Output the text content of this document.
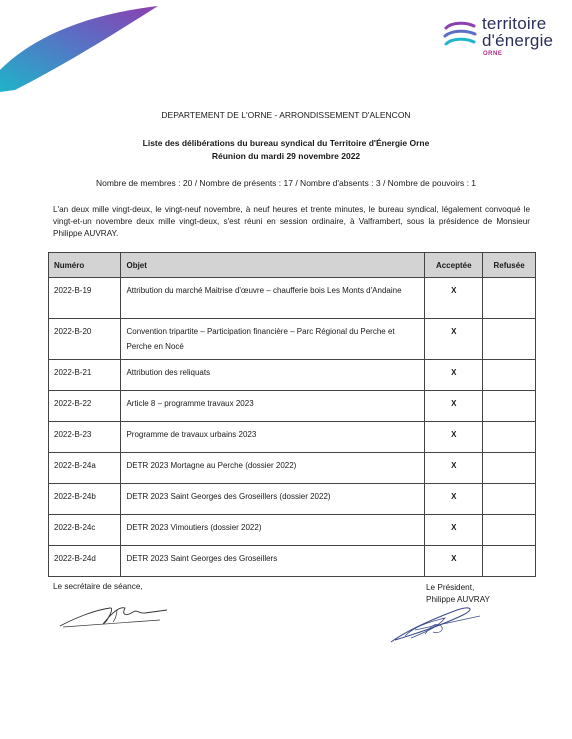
territoire
d'énergie
ORNE
DEPARTEMENT DE L'ORNE - ARRONDISSEMENT D'ALENCON
Liste des délibérations du bureau syndical du Territoire d'Énergie Orne
Réunion du mardi 29 novembre 2022
Nombre de membres : 20 / Nombre de présents : 17 / Nombre d'absents : 3 / Nombre de pouvoirs : 1
L'an deux mille vingt-deux, le vingt-neuf novembre, à neuf heures et trente minutes, le bureau syndical, légalement convoqué le vingt-et-un novembre deux mille vingt-deux, s'est réuni en session ordinaire, à Valframbert, sous la présidence de Monsieur Philippe AUVRAY.
Numéro	Objet	Acceptée	Refusée
2022-B-19	Attribution du marché Maitrise d'œuvre – chaufferie bois Les Monts d'Andaine	X	
2022-B-20	Convention tripartite – Participation financière – Parc Régional du Perche et Perche en Nocé	X	
2022-B-21	Attribution des reliquats	X	
2022-B-22	Article 8 – programme travaux 2023	X	
2022-B-23	Programme de travaux urbains 2023	X	
2022-B-24a	DETR 2023 Mortagne au Perche (dossier 2022)	X	
2022-B-24b	DETR 2023 Saint Georges des Groseillers (dossier 2022)	X	
2022-B-24c	DETR 2023 Vimoutiers (dossier 2022)	X	
2022-B-24d	DETR 2023 Saint Georges des Groseillers	X	
Le secrétaire de séance,	Le Président,
Philippe AUVRAY
